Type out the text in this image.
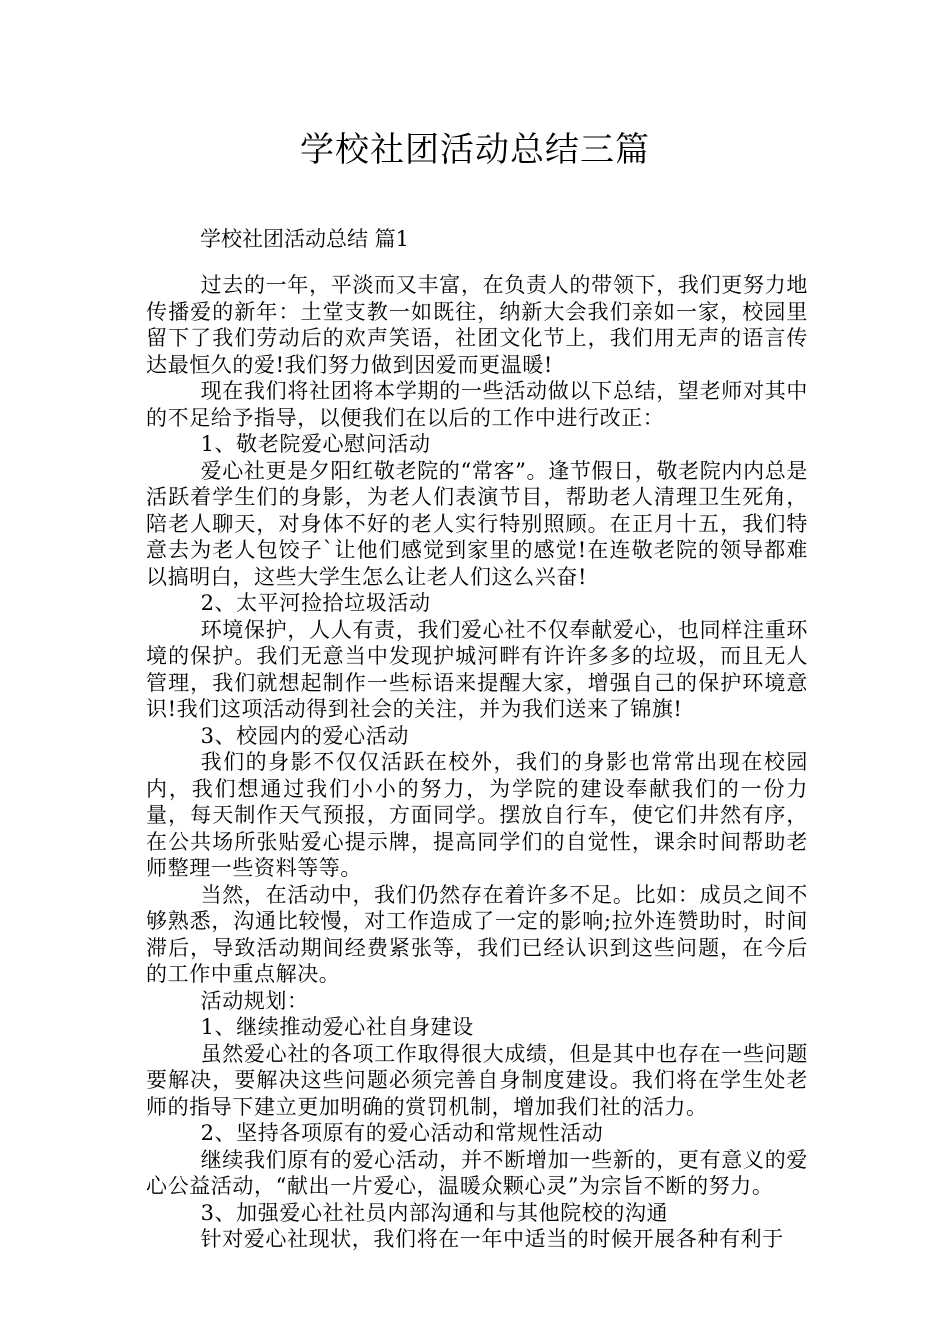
学校社团活动总结三篇
学校社团活动总结 篇1

过去的一年，平淡而又丰富，在负责人的带领下，我们更努力地传播爱的新年：土堂支教一如既往，纳新大会我们亲如一家，校园里留下了我们劳动后的欢声笑语，社团文化节上，我们用无声的语言传达最恒久的爱!我们努力做到因爱而更温暖!

现在我们将社团将本学期的一些活动做以下总结，望老师对其中的不足给予指导，以便我们在以后的工作中进行改正：

1、敬老院爱心慰问活动

爱心社更是夕阳红敬老院的“常客”。逢节假日，敬老院内内总是活跃着学生们的身影，为老人们表演节目，帮助老人清理卫生死角，陪老人聊天，对身体不好的老人实行特别照顾。在正月十五，我们特意去为老人包饺子`让他们感觉到家里的感觉!在连敬老院的领导都难以搞明白，这些大学生怎么让老人们这么兴奋!

2、太平河捡拾垃圾活动

环境保护，人人有责，我们爱心社不仅奉献爱心，也同样注重环境的保护。我们无意当中发现护城河畔有许许多多的垃圾，而且无人管理，我们就想起制作一些标语来提醒大家，增强自己的保护环境意识!我们这项活动得到社会的关注，并为我们送来了锦旗!

3、校园内的爱心活动

我们的身影不仅仅活跃在校外，我们的身影也常常出现在校园内，我们想通过我们小小的努力，为学院的建设奉献我们的一份力量，每天制作天气预报，方面同学。摆放自行车，使它们井然有序，在公共场所张贴爱心提示牌，提高同学们的自觉性，课余时间帮助老师整理一些资料等等。

当然，在活动中，我们仍然存在着许多不足。比如：成员之间不够熟悉，沟通比较慢，对工作造成了一定的影响;拉外连赞助时，时间滞后，导致活动期间经费紧张等，我们已经认识到这些问题，在今后的工作中重点解决。

活动规划：

1、继续推动爱心社自身建设

虽然爱心社的各项工作取得很大成绩，但是其中也存在一些问题要解决，要解决这些问题必须完善自身制度建设。我们将在学生处老师的指导下建立更加明确的赏罚机制，增加我们社的活力。

2、坚持各项原有的爱心活动和常规性活动

继续我们原有的爱心活动，并不断增加一些新的，更有意义的爱心公益活动，“献出一片爱心，温暖众颗心灵”为宗旨不断的努力。

3、加强爱心社社员内部沟通和与其他院校的沟通

针对爱心社现状，我们将在一年中适当的时候开展各种有利于
